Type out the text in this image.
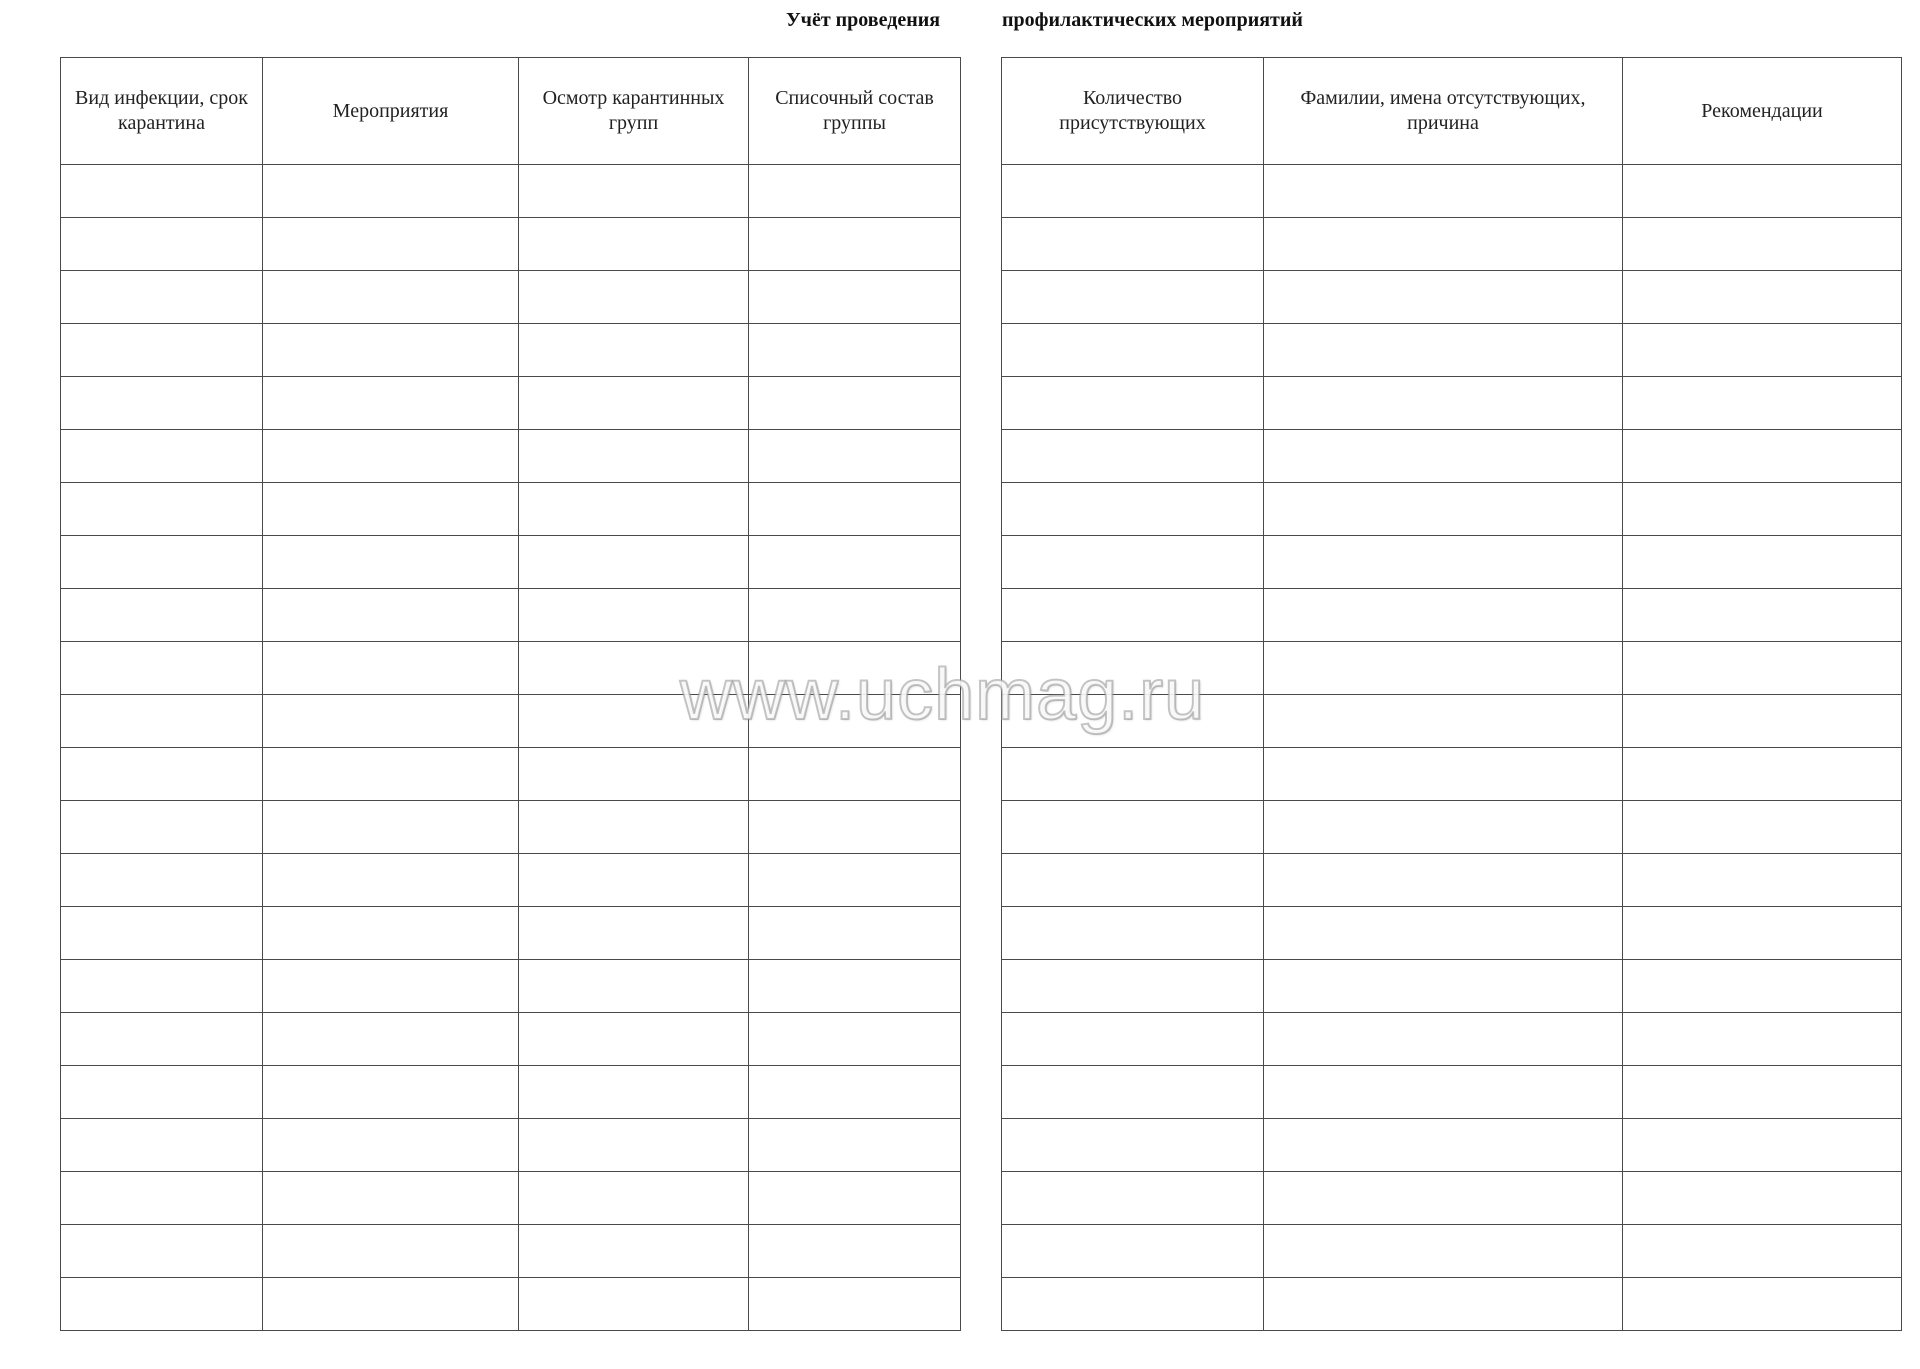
Учёт проведения	профилактических мероприятий
Вид инфекции, срок карантина	Мероприятия	Осмотр карантинных групп	Списочный состав группы

Количество присутствующих	Фамилии, имена отсутствующих, причина	Рекомендации

www.uchmag.ru
